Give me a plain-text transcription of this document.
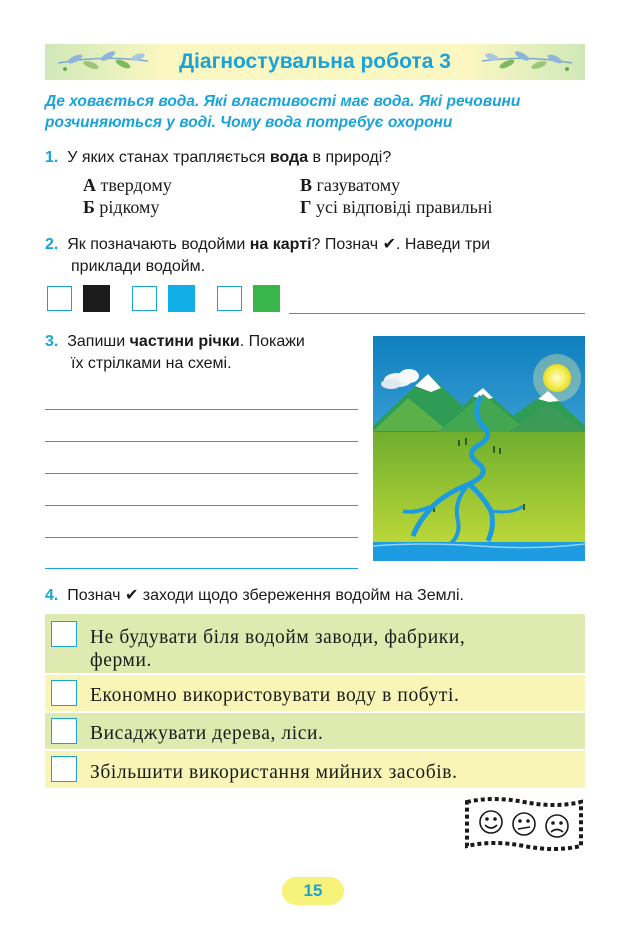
Діагностувальна робота 3
Де ховається вода. Які властивості має вода. Які речовини розчиняються у воді. Чому вода потребує охорони
1. У яких станах трапляється вода в природі?
А твердому
Б рідкому
В газуватому
Г усі відповіді правильні
2. Як позначають водойми на карті? Познач ✔. Наведи три
приклади водойм.
3. Запиши частини річки. Покажи
їх стрілками на схемі.
4. Познач ✔ заходи щодо збереження водойм на Землі.
Не будувати біля водойм заводи, фабрики,
ферми.
Економно використовувати воду в побуті.
Висаджувати дерева, ліси.
Збільшити використання мийних засобів.
15
